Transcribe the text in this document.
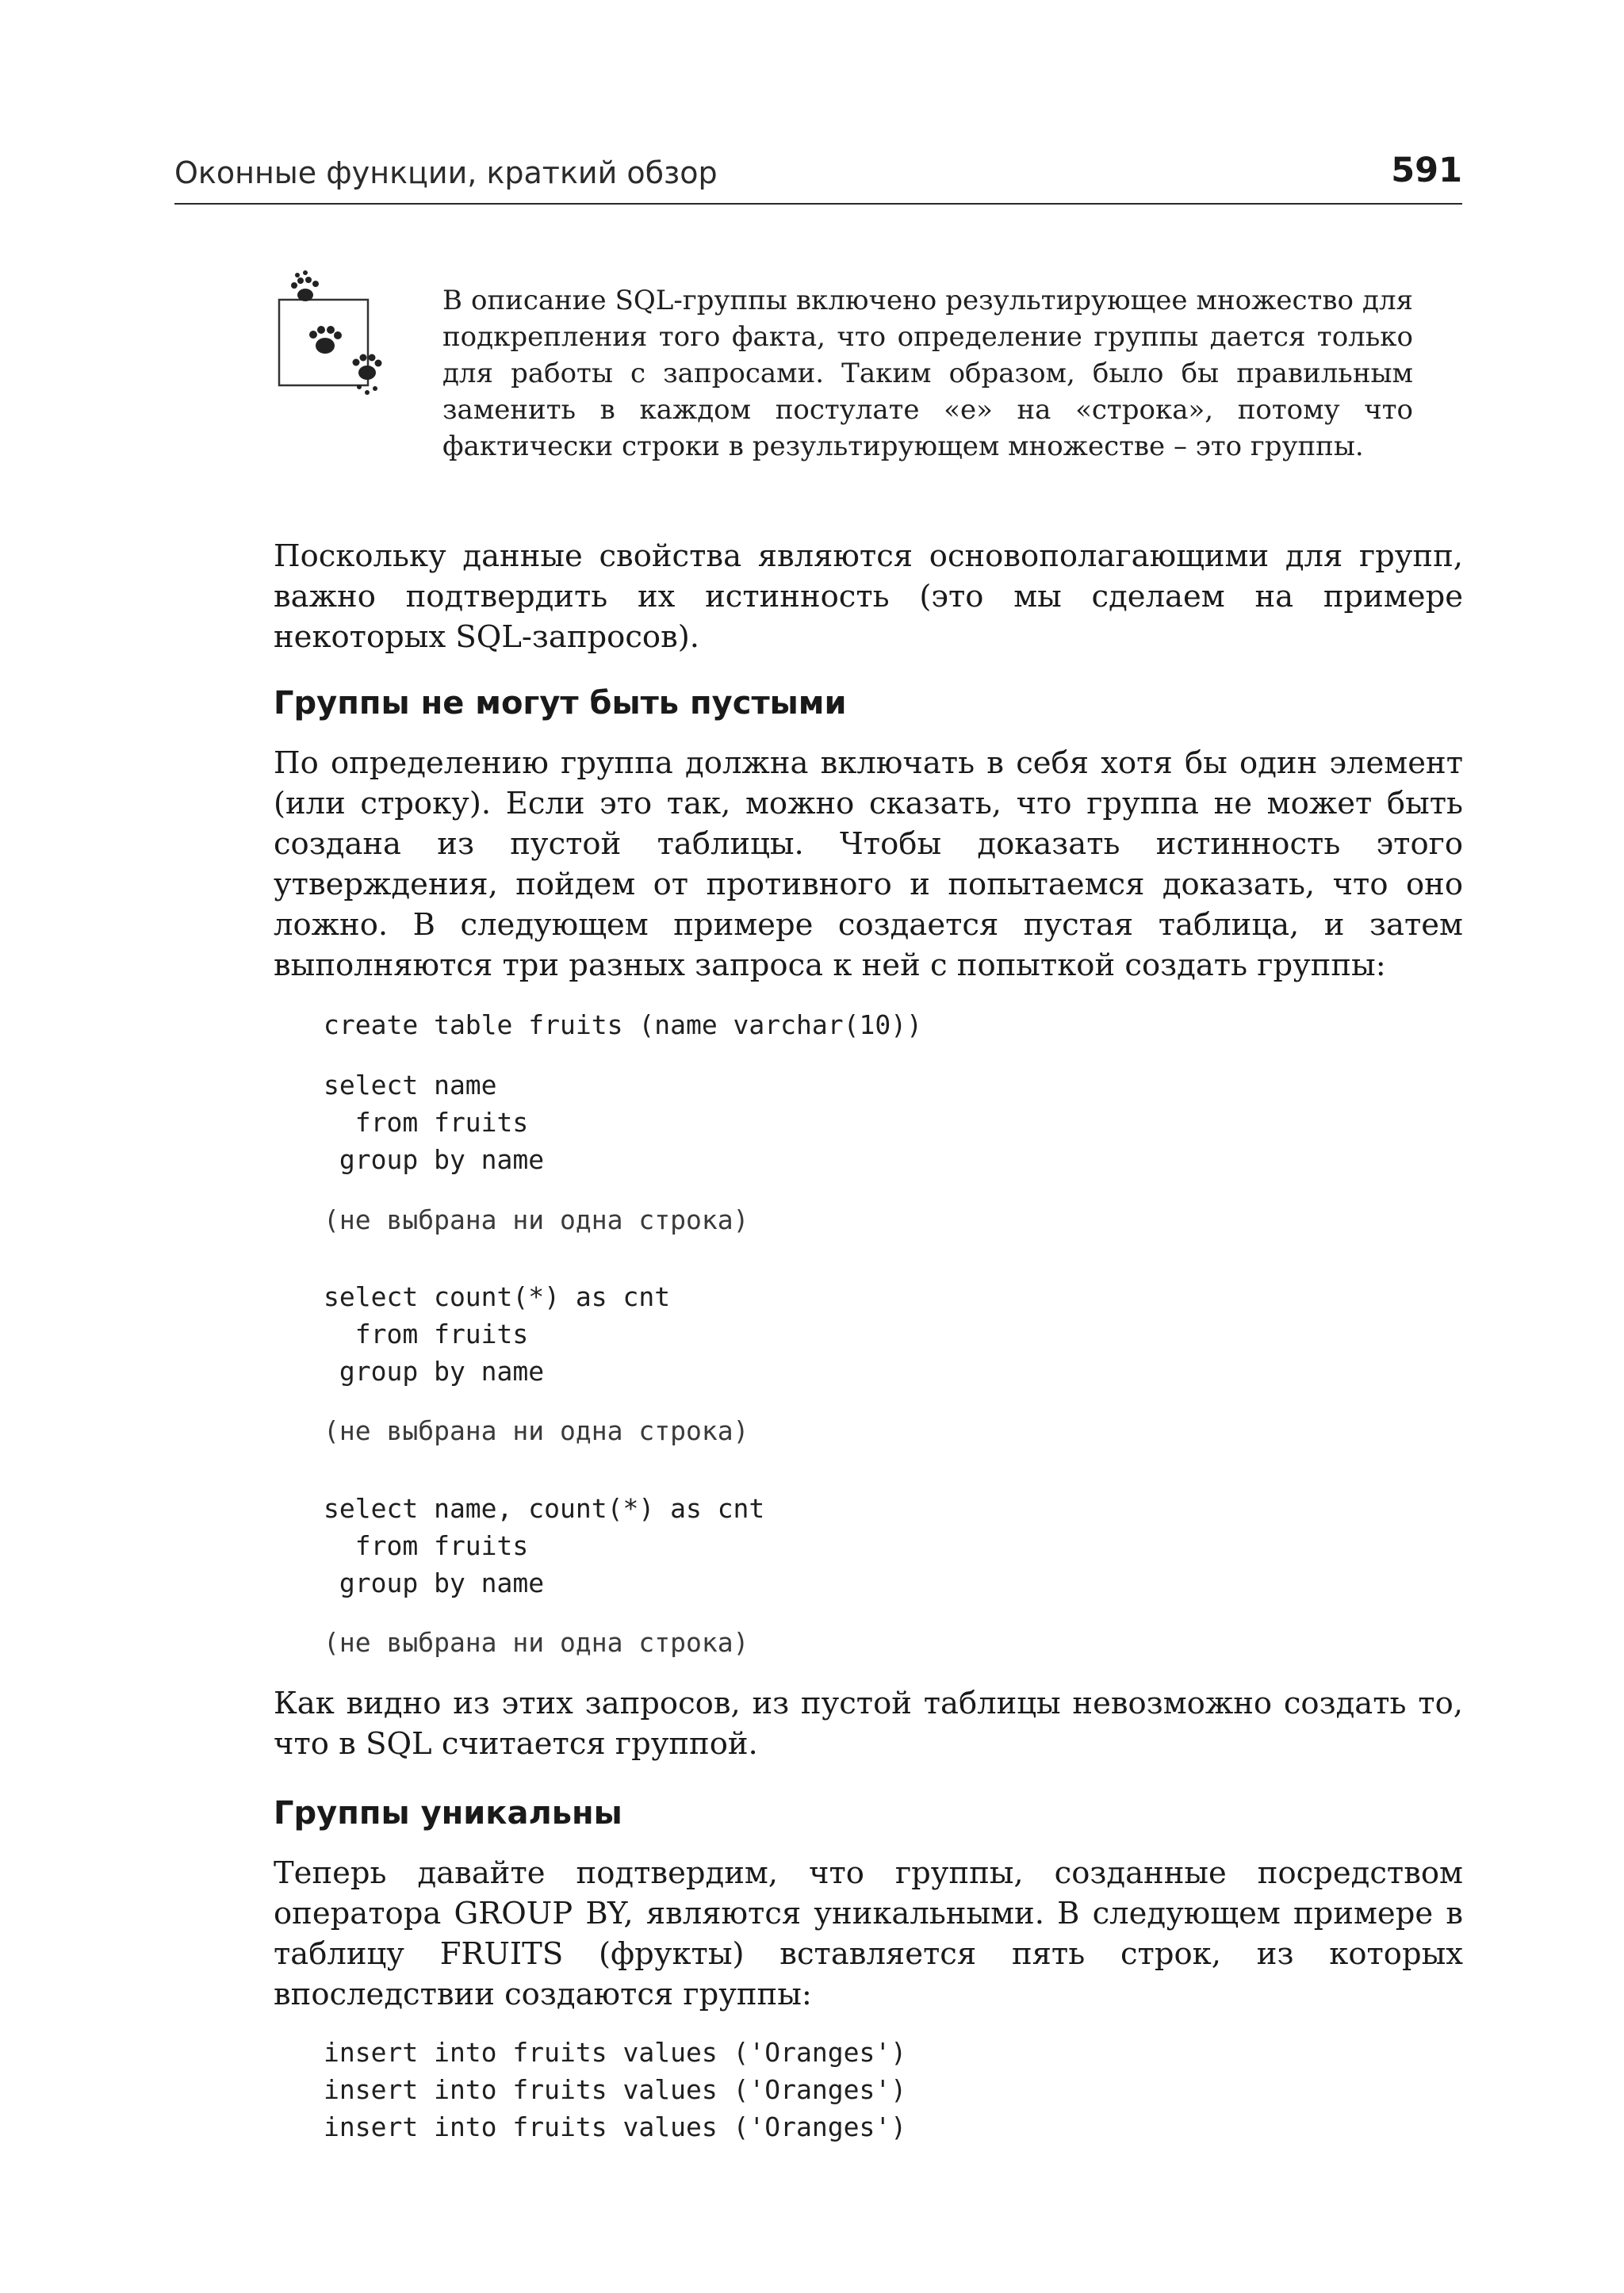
Оконные функции, краткий обзор	591
В описание SQL-группы включено результирующее множество для подкрепления того факта, что определение группы дается только для работы с запросами. Таким образом, было бы правильным заменить в каждом постулате «е» на «строка», потому что фактически строки в результирующем множестве – это группы.
Поскольку данные свойства являются основополагающими для групп, важно подтвердить их истинность (это мы сделаем на примере некоторых SQL-запросов).
Группы не могут быть пустыми
По определению группа должна включать в себя хотя бы один элемент (или строку). Если это так, можно сказать, что группа не может быть создана из пустой таблицы. Чтобы доказать истинность этого утверждения, пойдем от противного и попытаемся доказать, что оно ложно. В следующем примере создается пустая таблица, и затем выполняются три разных запроса к ней с попыткой создать группы:
create table fruits (name varchar(10))
select name
from fruits
group by name
(не выбрана ни одна строка)
select count(*) as cnt
from fruits
group by name
(не выбрана ни одна строка)
select name, count(*) as cnt
from fruits
group by name
(не выбрана ни одна строка)
Как видно из этих запросов, из пустой таблицы невозможно создать то, что в SQL считается группой.
Группы уникальны
Теперь давайте подтвердим, что группы, созданные посредством оператора GROUP BY, являются уникальными. В следующем примере в таблицу FRUITS (фрукты) вставляется пять строк, из которых впоследствии создаются группы:
insert into fruits values ('Oranges')
insert into fruits values ('Oranges')
insert into fruits values ('Oranges')
